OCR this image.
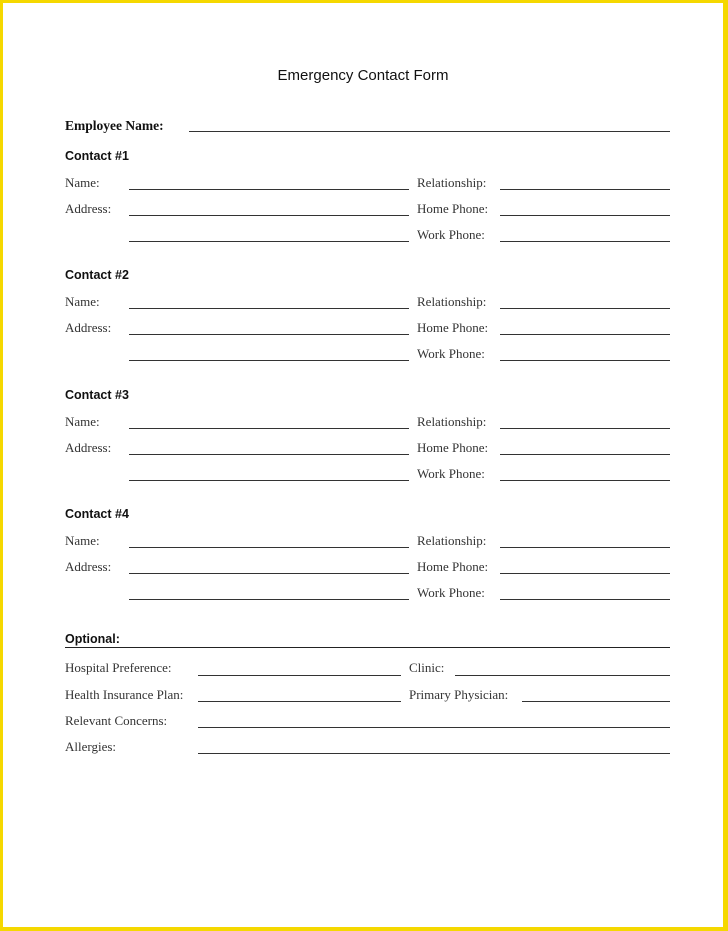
Emergency Contact Form
Employee Name:
Contact #1
Name:	Relationship:
Address:	Home Phone:
Work Phone:
Contact #2
Name:	Relationship:
Address:	Home Phone:
Work Phone:
Contact #3
Name:	Relationship:
Address:	Home Phone:
Work Phone:
Contact #4
Name:	Relationship:
Address:	Home Phone:
Work Phone:
Optional:
Hospital Preference:	Clinic:
Health Insurance Plan:	Primary Physician:
Relevant Concerns:
Allergies:
